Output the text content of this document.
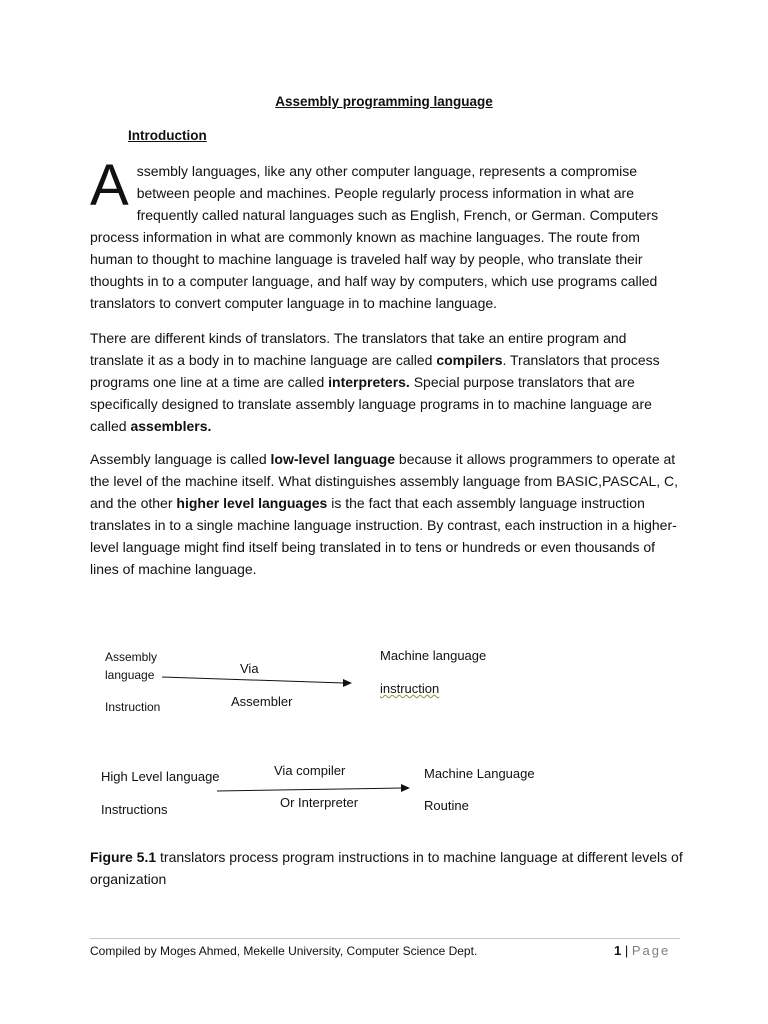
Assembly programming language
Introduction

Assembly languages, like any other computer language, represents a compromise between people and machines. People regularly process information in what are frequently called natural languages such as English, French, or German. Computers process information in what are commonly known as machine languages. The route from human to thought to machine language is traveled half way by people, who translate their thoughts in to a computer language, and half way by computers, which use programs called translators to convert computer language in to machine language.

There are different kinds of translators. The translators that take an entire program and translate it as a body in to machine language are called compilers. Translators that process programs one line at a time are called interpreters. Special purpose translators that are specifically designed to translate assembly language programs in to machine language are called assemblers.

Assembly language is called low-level language because it allows programmers to operate at the level of the machine itself. What distinguishes assembly language from BASIC,PASCAL, C, and the other higher level languages is the fact that each assembly language instruction translates in to a single machine language instruction. By contrast, each instruction in a higher-level language might find itself being translated in to tens or hundreds or even thousands of lines of machine language.

Assembly
language
Instruction
Via
Assembler
Machine language
instruction
High Level language
Instructions
Via compiler
Or Interpreter
Machine Language
Routine
Figure 5.1 translators process program instructions in to machine language at different levels of organization
Compiled by Moges Ahmed, Mekelle University, Computer Science Dept.	1 | Page
